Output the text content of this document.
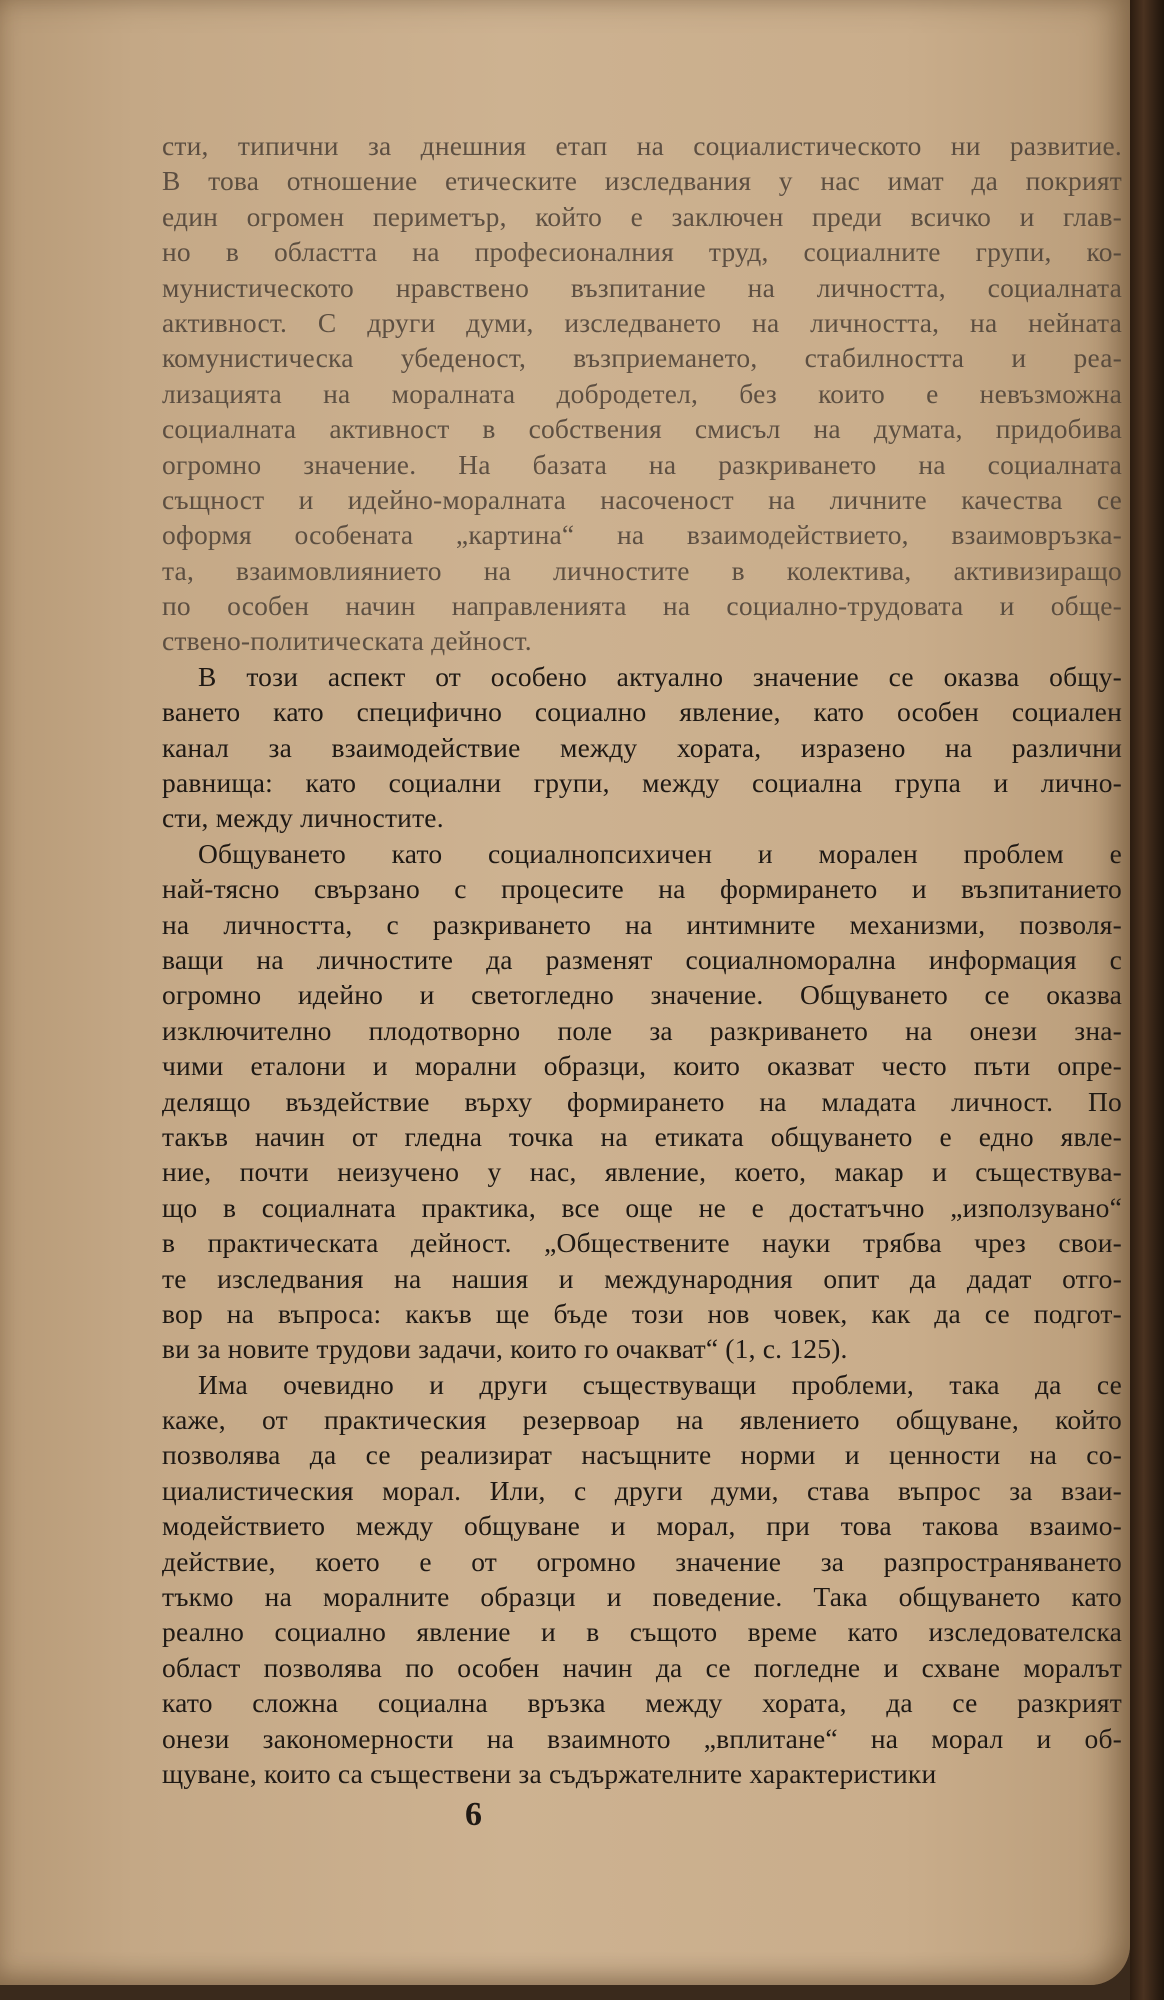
сти, типични за днешния етап на социалистическото ни развитие.
В това отношение етическите изследвания у нас имат да покрият
един огромен периметър, който е заключен преди всичко и глав-
но в областта на професионалния труд, социалните групи, ко-
мунистическото нравствено възпитание на личността, социалната
активност. С други думи, изследването на личността, на нейната
комунистическа убеденост, възприемането, стабилността и реа-
лизацията на моралната добродетел, без които е невъзможна
социалната активност в собствения смисъл на думата, придобива
огромно значение. На базата на разкриването на социалната
същност и идейно-моралната насоченост на личните качества се
оформя особената „картина“ на взаимодействието, взаимовръзка-
та, взаимовлиянието на личностите в колектива, активизиращо
по особен начин направленията на социално-трудовата и обще-
ствено-политическата дейност.
В този аспект от особено актуално значение се оказва общу-
ването като специфично социално явление, като особен социален
канал за взаимодействие между хората, изразено на различни
равнища: като социални групи, между социална група и лично-
сти, между личностите.
Общуването като социалнопсихичен и морален проблем е
най-тясно свързано с процесите на формирането и възпитанието
на личността, с разкриването на интимните механизми, позволя-
ващи на личностите да разменят социалноморална информация с
огромно идейно и светогледно значение. Общуването се оказва
изключително плодотворно поле за разкриването на онези зна-
чими еталони и морални образци, които оказват често пъти опре-
делящо въздействие върху формирането на младата личност. По
такъв начин от гледна точка на етиката общуването е едно явле-
ние, почти неизучено у нас, явление, което, макар и съществува-
що в социалната практика, все още не е достатъчно „използувано“
в практическата дейност. „Обществените науки трябва чрез свои-
те изследвания на нашия и международния опит да дадат отго-
вор на въпроса: какъв ще бъде този нов човек, как да се подгот-
ви за новите трудови задачи, които го очакват“ (1, с. 125).
Има очевидно и други съществуващи проблеми, така да се
каже, от практическия резервоар на явлението общуване, който
позволява да се реализират насъщните норми и ценности на со-
циалистическия морал. Или, с други думи, става въпрос за взаи-
модействието между общуване и морал, при това такова взаимо-
действие, което е от огромно значение за разпространяването
тъкмо на моралните образци и поведение. Така общуването като
реално социално явление и в същото време като изследователска
област позволява по особен начин да се погледне и схване моралът
като сложна социална връзка между хората, да се разкрият
онези закономерности на взаимното „вплитане“ на морал и об-
щуване, които са съществени за съдържателните характеристики
6
